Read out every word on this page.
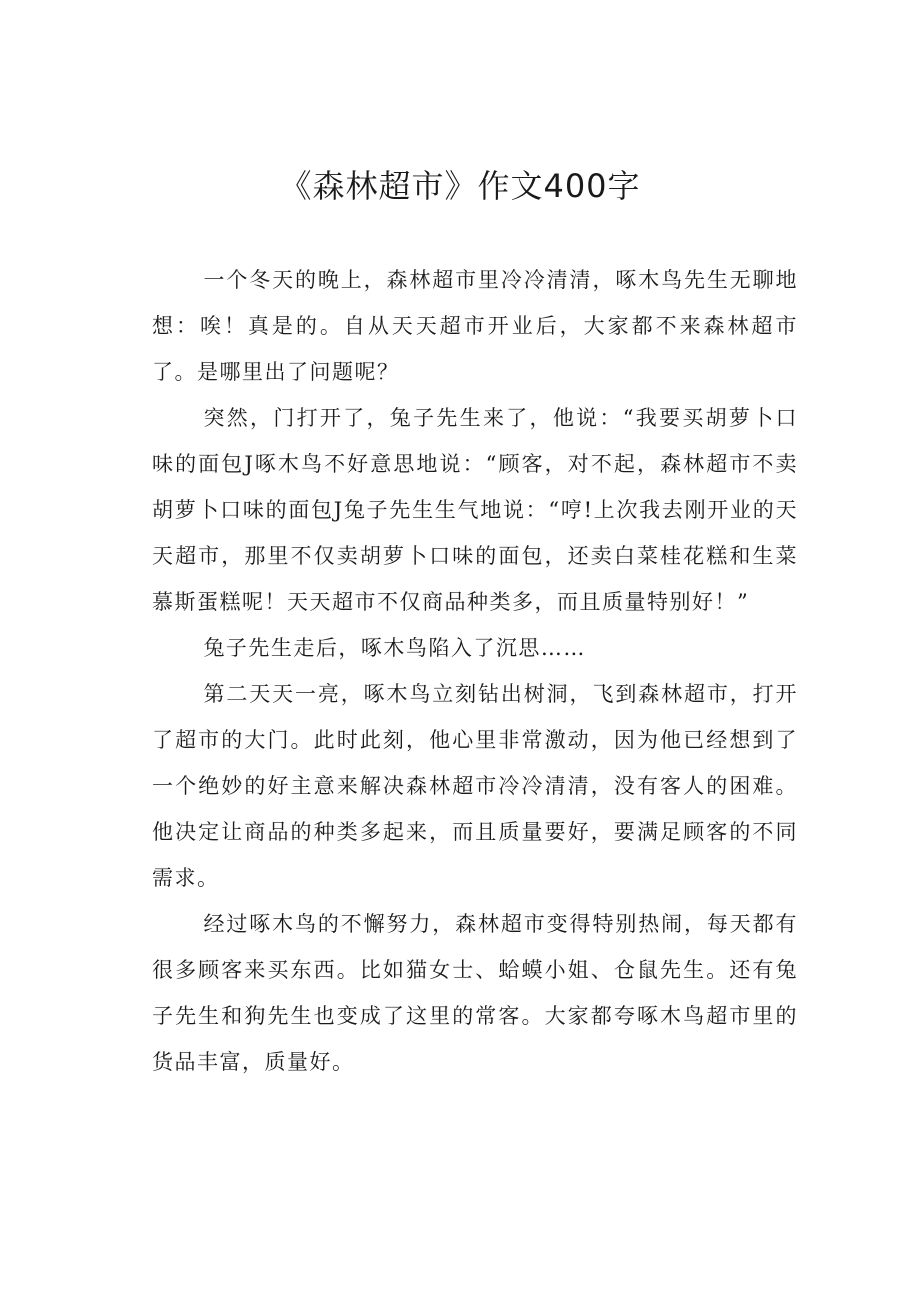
《森林超市》作文400字

一个冬天的晚上，森林超市里冷冷清清，啄木鸟先生无聊地想：唉！真是的。自从天天超市开业后，大家都不来森林超市了。是哪里出了问题呢？

突然，门打开了，兔子先生来了，他说：“我要买胡萝卜口味的面包J啄木鸟不好意思地说：“顾客，对不起，森林超市不卖胡萝卜口味的面包J兔子先生生气地说：“哼!上次我去刚开业的天天超市，那里不仅卖胡萝卜口味的面包，还卖白菜桂花糕和生菜慕斯蛋糕呢！天天超市不仅商品种类多，而且质量特别好！”

兔子先生走后，啄木鸟陷入了沉思……

第二天天一亮，啄木鸟立刻钻出树洞，飞到森林超市，打开了超市的大门。此时此刻，他心里非常激动，因为他已经想到了一个绝妙的好主意来解决森林超市冷冷清清，没有客人的困难。他决定让商品的种类多起来，而且质量要好，要满足顾客的不同需求。

经过啄木鸟的不懈努力，森林超市变得特别热闹，每天都有很多顾客来买东西。比如猫女士、蛤蟆小姐、仓鼠先生。还有兔子先生和狗先生也变成了这里的常客。大家都夸啄木鸟超市里的货品丰富，质量好。
